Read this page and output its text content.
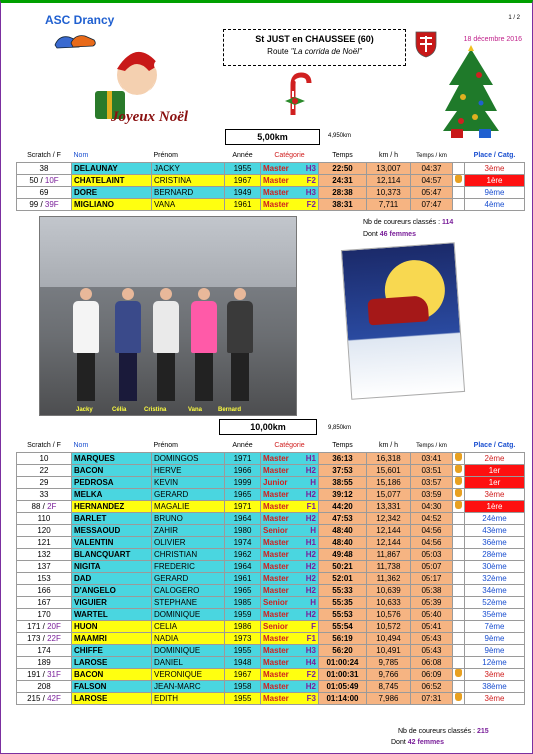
ASC Drancy	1 / 2
Joyeux Noël
St JUST en CHAUSSEE (60)
Route "La corrida de Noël"
18 décembre 2016
5,00km	4,950km
Scratch / F	Nom	Prénom	Année	Catégorie	Temps	km / h	Temps / km		Place / Catg.
38	DELAUNAY	JACKY	1955	Master H3	22:50	13,007	04:37		3ème
50 / 10F	CHATELAINT	CRISTINA	1967	Master F2	24:31	12,114	04:57		1ère
69	DORE	BERNARD	1949	Master H3	28:38	10,373	05:47		9ème
99 / 39F	MIGLIANO	VANA	1961	Master F2	38:31	7,711	07:47		4ème
Nb de coureurs classés : 114
Dont 46 femmes
Jacky	Célia	Cristina	Vana	Bernard
10,00km	9,850km
Scratch / F	Nom	Prénom	Année	Catégorie	Temps	km / h	Temps / km		Place / Catg.
10	MARQUES	DOMINGOS	1971	Master H1	36:13	16,318	03:41		2ème
22	BACON	HERVE	1966	Master H2	37:53	15,601	03:51		1er
29	PEDROSA	KEVIN	1999	Junior H	38:55	15,186	03:57		1er
33	MELKA	GERARD	1965	Master H2	39:12	15,077	03:59		3ème
88 / 2F	HERNANDEZ	MAGALIE	1971	Master F1	44:20	13,331	04:30		1ère
110	BARLET	BRUNO	1964	Master H2	47:53	12,342	04:52		24ème
120	MESSAOUD	ZAHIR	1980	Senior H	48:40	12,144	04:56		43ème
121	VALENTIN	OLIVIER	1974	Master H1	48:40	12,144	04:56		36ème
132	BLANCQUART	CHRISTIAN	1962	Master H2	49:48	11,867	05:03		28ème
137	NIGITA	FREDERIC	1964	Master H2	50:21	11,738	05:07		30ème
153	DAD	GERARD	1961	Master H2	52:01	11,362	05:17		32ème
166	D'ANGELO	CALOGERO	1965	Master H2	55:33	10,639	05:38		34ème
167	VIGUIER	STEPHANE	1985	Senior H	55:35	10,633	05:39		52ème
170	WARTEL	DOMINIQUE	1959	Master H2	55:53	10,576	05:40		35ème
171 / 20F	HUON	CELIA	1986	Senior F	55:54	10,572	05:41		7ème
173 / 22F	MAAMRI	NADIA	1973	Master F1	56:19	10,494	05:43		9ème
174	CHIFFE	DOMINIQUE	1955	Master H3	56:20	10,491	05:43		9ème
189	LAROSE	DANIEL	1948	Master H4	01:00:24	9,785	06:08		12ème
191 / 31F	BACON	VERONIQUE	1967	Master F2	01:00:31	9,766	06:09		3ème
208	FALSON	JEAN-MARC	1958	Master H2	01:05:49	8,745	06:52		38ème
215 / 42F	LAROSE	EDITH	1955	Master F3	01:14:00	7,986	07:31		3ème
Nb de coureurs classés : 215
Dont 42 femmes
